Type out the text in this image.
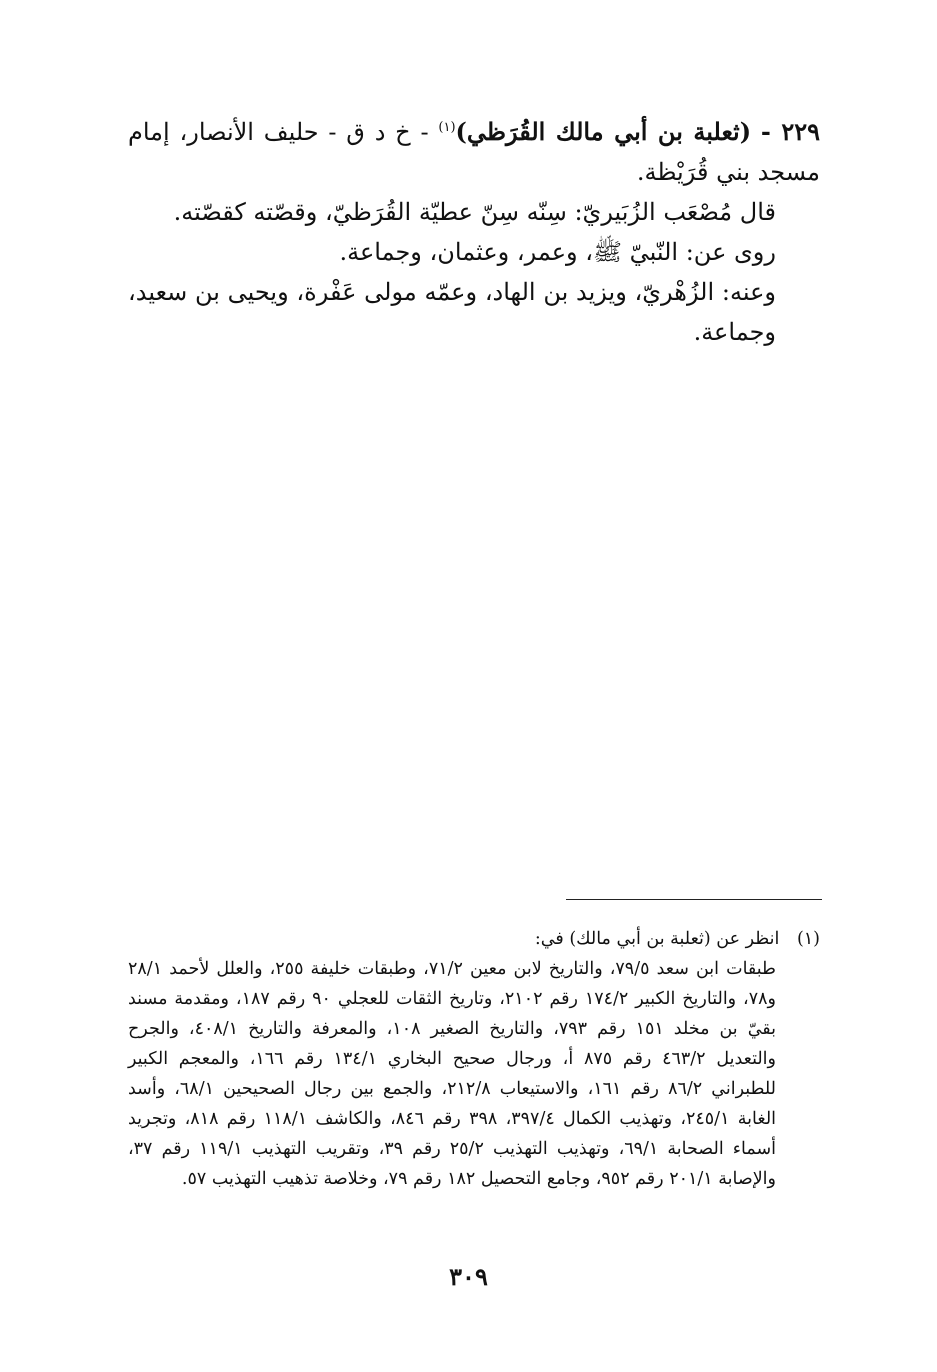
٢٢٩ - (ثعلبة بن أبي مالك القُرَظي)$^{(١)}$ - خ د ق - حليف الأنصار، إمام مسجد بني قُرَيْظة.

قال مُصْعَب الزُبَيريّ: سِنّه سِنّ عطيّة القُرَظيّ، وقصّته كقصّته.

روى عن: النّبيّ ﷺ، وعمر، وعثمان، وجماعة.

وعنه: الزُهْريّ، ويزيد بن الهاد، وعمّه مولى عَفْرة، ويحيى بن سعيد، وجماعة.

(١) انظر عن (ثعلبة بن أبي مالك) في:

طبقات ابن سعد ٧٩/٥، والتاريخ لابن معين ٧١/٢، وطبقات خليفة ٢٥٥، والعلل لأحمد ٢٨/١ و٧٨، والتاريخ الكبير ١٧٤/٢ رقم ٢١٠٢، وتاريخ الثقات للعجلي ٩٠ رقم ١٨٧، ومقدمة مسند بقيّ بن مخلد ١٥١ رقم ٧٩٣، والتاريخ الصغير ١٠٨، والمعرفة والتاريخ ٤٠٨/١، والجرح والتعديل ٤٦٣/٢ رقم ٨٧٥ أ، ورجال صحيح البخاري ١٣٤/١ رقم ١٦٦، والمعجم الكبير للطبراني ٨٦/٢ رقم ١٦١، والاستيعاب ٢١٢/٨، والجمع بين رجال الصحيحين ٦٨/١، وأسد الغابة ٢٤٥/١، وتهذيب الكمال ٣٩٧/٤، ٣٩٨ رقم ٨٤٦، والكاشف ١١٨/١ رقم ٨١٨، وتجريد أسماء الصحابة ٦٩/١، وتهذيب التهذيب ٢٥/٢ رقم ٣٩، وتقريب التهذيب ١١٩/١ رقم ٣٧، والإصابة ٢٠١/١ رقم ٩٥٢، وجامع التحصيل ١٨٢ رقم ٧٩، وخلاصة تذهيب التهذيب ٥٧.

٣٠٩
